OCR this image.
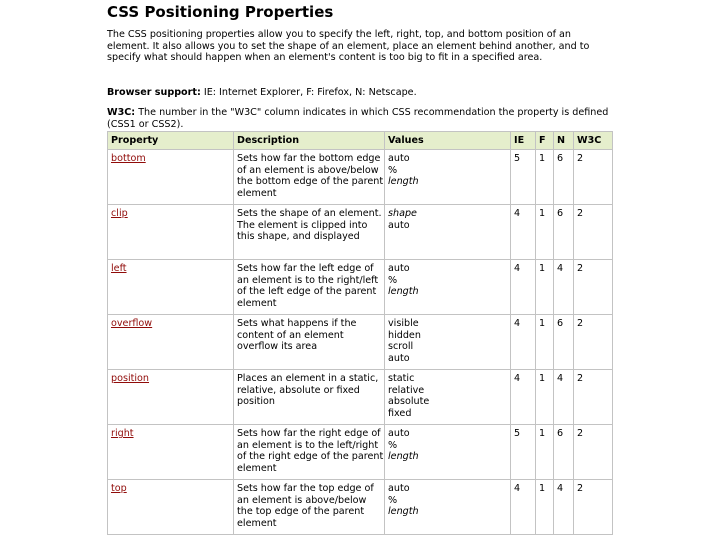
CSS Positioning Properties

The CSS positioning properties allow you to specify the left, right, top, and bottom position of an element. It also allows you to set the shape of an element, place an element behind another, and to specify what should happen when an element's content is too big to fit in a specified area.

Browser support: IE: Internet Explorer, F: Firefox, N: Netscape.

W3C: The number in the "W3C" column indicates in which CSS recommendation the property is defined (CSS1 or CSS2).

Property	Description	Values	IE	F	N	W3C
bottom	Sets how far the bottom edge of an element is above/below the bottom edge of the parent element	auto
%
length	5	1	6	2
clip	Sets the shape of an element. The element is clipped into this shape, and displayed	shape
auto	4	1	6	2
left	Sets how far the left edge of an element is to the right/left of the left edge of the parent element	auto
%
length	4	1	4	2
overflow	Sets what happens if the content of an element overflow its area	visible
hidden
scroll
auto	4	1	6	2
position	Places an element in a static, relative, absolute or fixed position	static
relative
absolute
fixed	4	1	4	2
right	Sets how far the right edge of an element is to the left/right of the right edge of the parent element	auto
%
length	5	1	6	2
top	Sets how far the top edge of an element is above/below the top edge of the parent element	auto
%
length	4	1	4	2
